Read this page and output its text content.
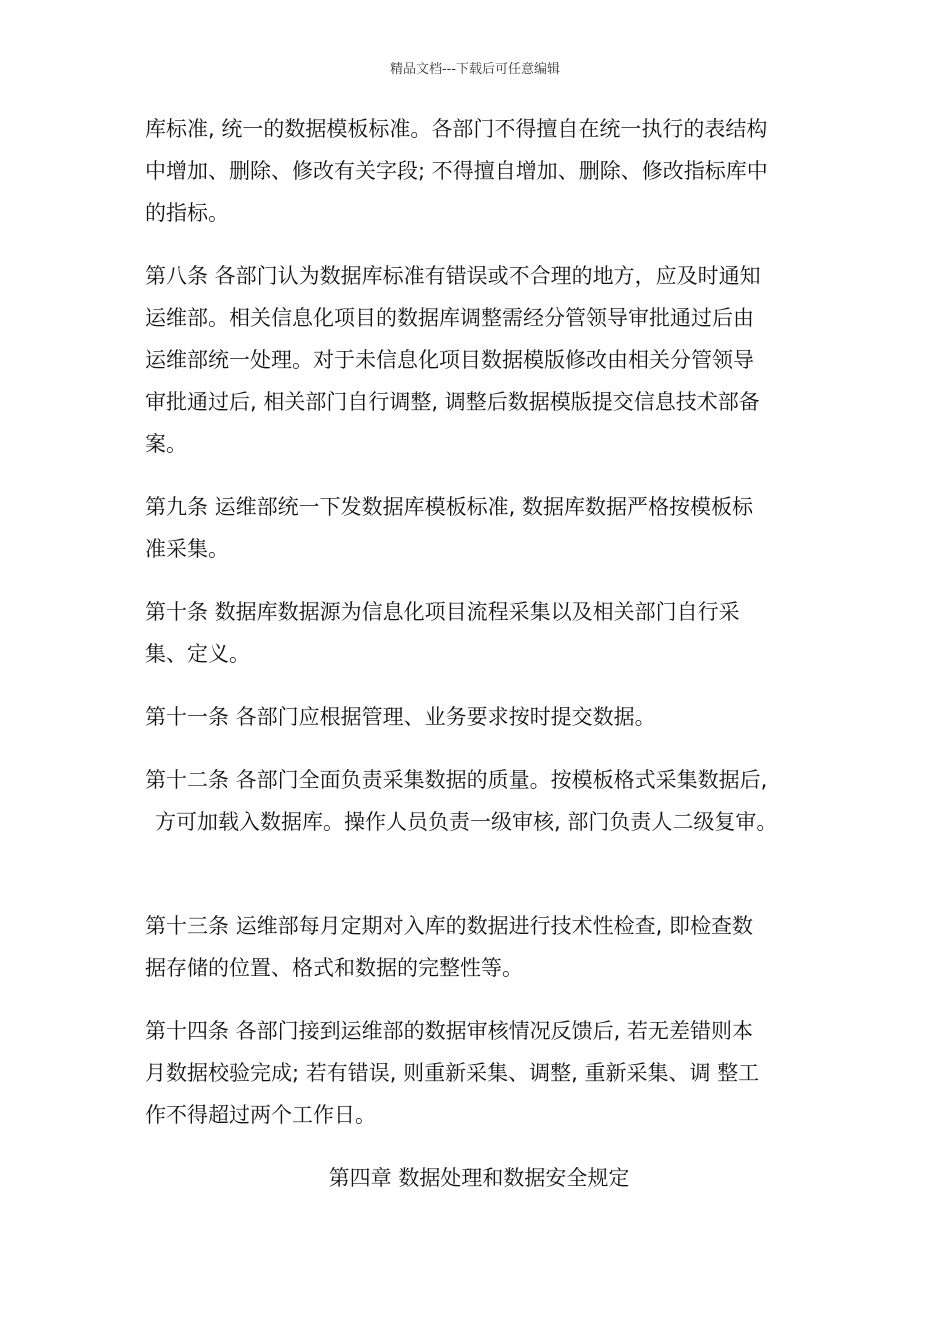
精品文档---下载后可任意编辑

库标准, 统一的数据模板标准。各部门不得擅自在统一执行的表结构
中增加、删除、修改有关字段; 不得擅自增加、删除、修改指标库中
的指标。

第八条 各部门认为数据库标准有错误或不合理的地方，应及时通知
运维部。相关信息化项目的数据库调整需经分管领导审批通过后由
运维部统一处理。对于未信息化项目数据模版修改由相关分管领导
审批通过后, 相关部门自行调整, 调整后数据模版提交信息技术部备
案。

第九条 运维部统一下发数据库模板标准, 数据库数据严格按模板标
准采集。

第十条 数据库数据源为信息化项目流程采集以及相关部门自行采
集、定义。

第十一条 各部门应根据管理、业务要求按时提交数据。

第十二条 各部门全面负责采集数据的质量。按模板格式采集数据后,
方可加载入数据库。操作人员负责一级审核, 部门负责人二级复审。

第十三条 运维部每月定期对入库的数据进行技术性检查, 即检查数
据存储的位置、格式和数据的完整性等。

第十四条 各部门接到运维部的数据审核情况反馈后, 若无差错则本
月数据校验完成; 若有错误, 则重新采集、调整, 重新采集、调 整工
作不得超过两个工作日。

第四章 数据处理和数据安全规定
